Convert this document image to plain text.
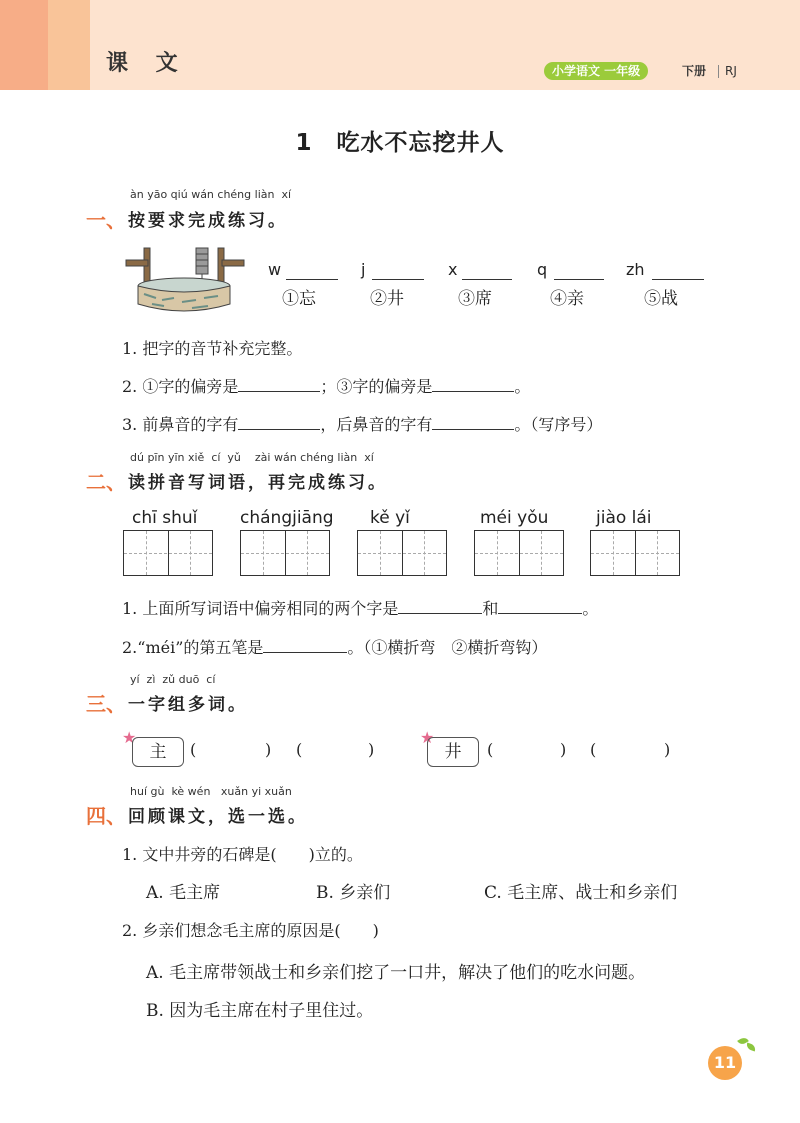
课 文	小学语文 一年级	下册 RJ
1　吃水不忘挖井人
àn yāo qiú wán chéng liàn  xí
一、 按要求完成练习。
w	j	x	q	zh
①忘	②井	③席	④亲	⑤战
1. 把字的音节补充完整。
2. ①字的偏旁是	；③字的偏旁是	。
3. 前鼻音的字有	，后鼻音的字有	。（写序号）
dú pīn yīn xiě  cí  yǔ    zài wán chéng liàn  xí
二、 读拼音写词语，再完成练习。
chī shuǐ	chángjiāng kě yǐ	méi yǒu	jiào lái
1. 上面所写词语中偏旁相同的两个字是	和	。
2.“méi”的第五笔是	。（①横折弯　②横折弯钩）
yí  zì  zǔ duō  cí
三、 一字组多词。
★
主	(	) (	)
★
井	(	) (	)
huí gù  kè wén   xuǎn yi xuǎn
四、 回顾课文，选一选。
1. 文中井旁的石碑是(　　)立的。
A. 毛主席	B. 乡亲们	C. 毛主席、战士和乡亲们
2. 乡亲们想念毛主席的原因是(　　)
A. 毛主席带领战士和乡亲们挖了一口井，解决了他们的吃水问题。
B. 因为毛主席在村子里住过。
11
